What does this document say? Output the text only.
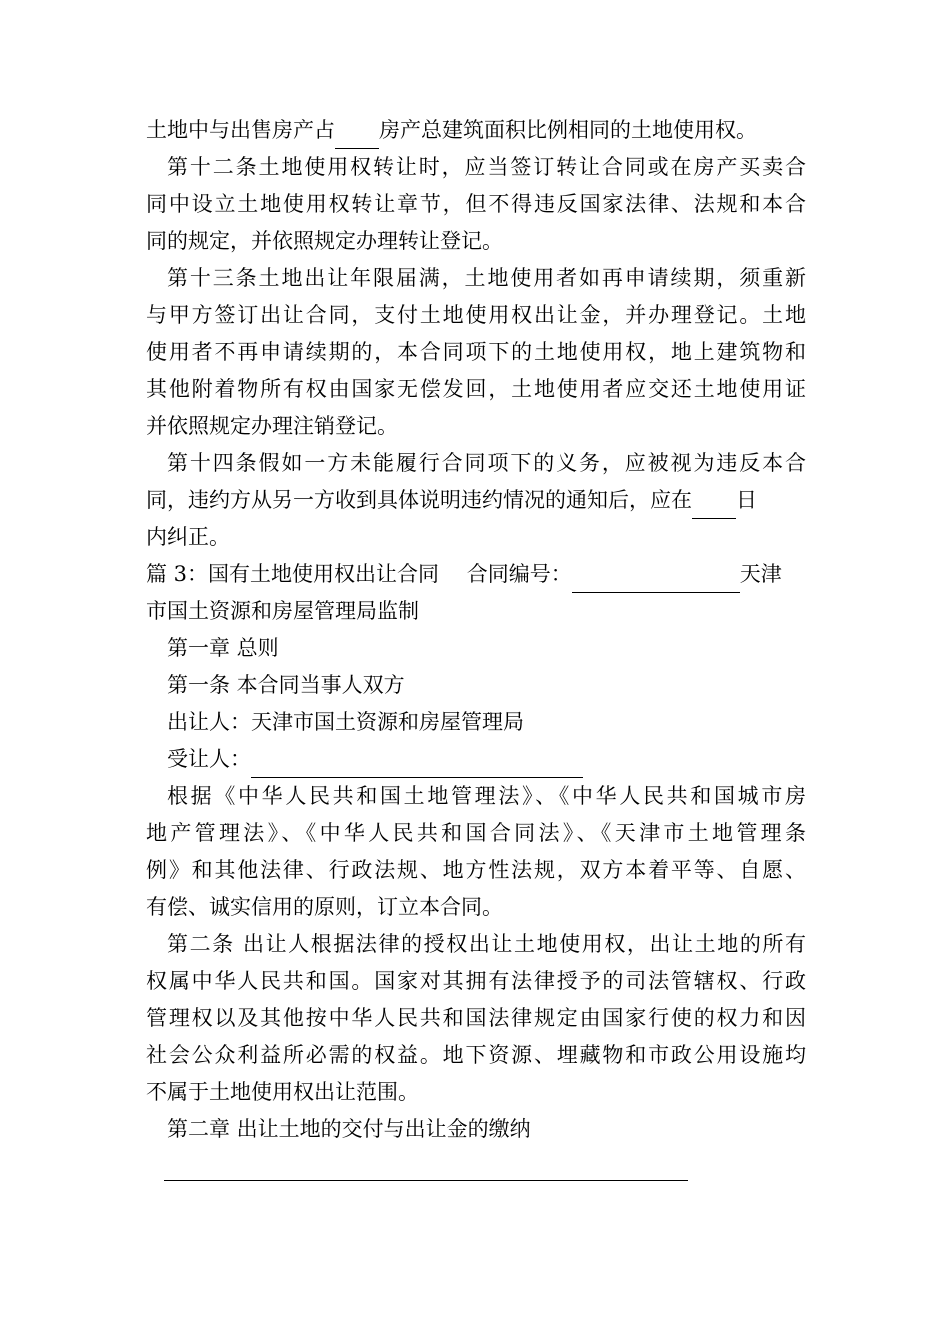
土地中与出售房产占 房产总建筑面积比例相同的土地使用权。
第十二条土地使用权转让时，应当签订转让合同或在房产买卖合
同中设立土地使用权转让章节，但不得违反国家法律、法规和本合
同的规定，并依照规定办理转让登记。
第十三条土地出让年限届满，土地使用者如再申请续期，须重新
与甲方签订出让合同，支付土地使用权出让金，并办理登记。土地
使用者不再申请续期的，本合同项下的土地使用权，地上建筑物和
其他附着物所有权由国家无偿发回，土地使用者应交还土地使用证
并依照规定办理注销登记。
第十四条假如一方未能履行合同项下的义务，应被视为违反本合
同，违约方从另一方收到具体说明违约情况的通知后，应在 日
内纠正。
篇 3：国有土地使用权出让合同　 合同编号：	天津
市国土资源和房屋管理局监制
第一章 总则
第一条 本合同当事人双方
出让人：天津市国土资源和房屋管理局
受让人：
根据《中华人民共和国土地管理法》、《中华人民共和国城市房
地产管理法》、《中华人民共和国合同法》、《天津市土地管理条
例》和其他法律、行政法规、地方性法规，双方本着平等、自愿、
有偿、诚实信用的原则，订立本合同。
第二条 出让人根据法律的授权出让土地使用权，出让土地的所有
权属中华人民共和国。国家对其拥有法律授予的司法管辖权、行政
管理权以及其他按中华人民共和国法律规定由国家行使的权力和因
社会公众利益所必需的权益。地下资源、埋藏物和市政公用设施均
不属于土地使用权出让范围。
第二章 出让土地的交付与出让金的缴纳
